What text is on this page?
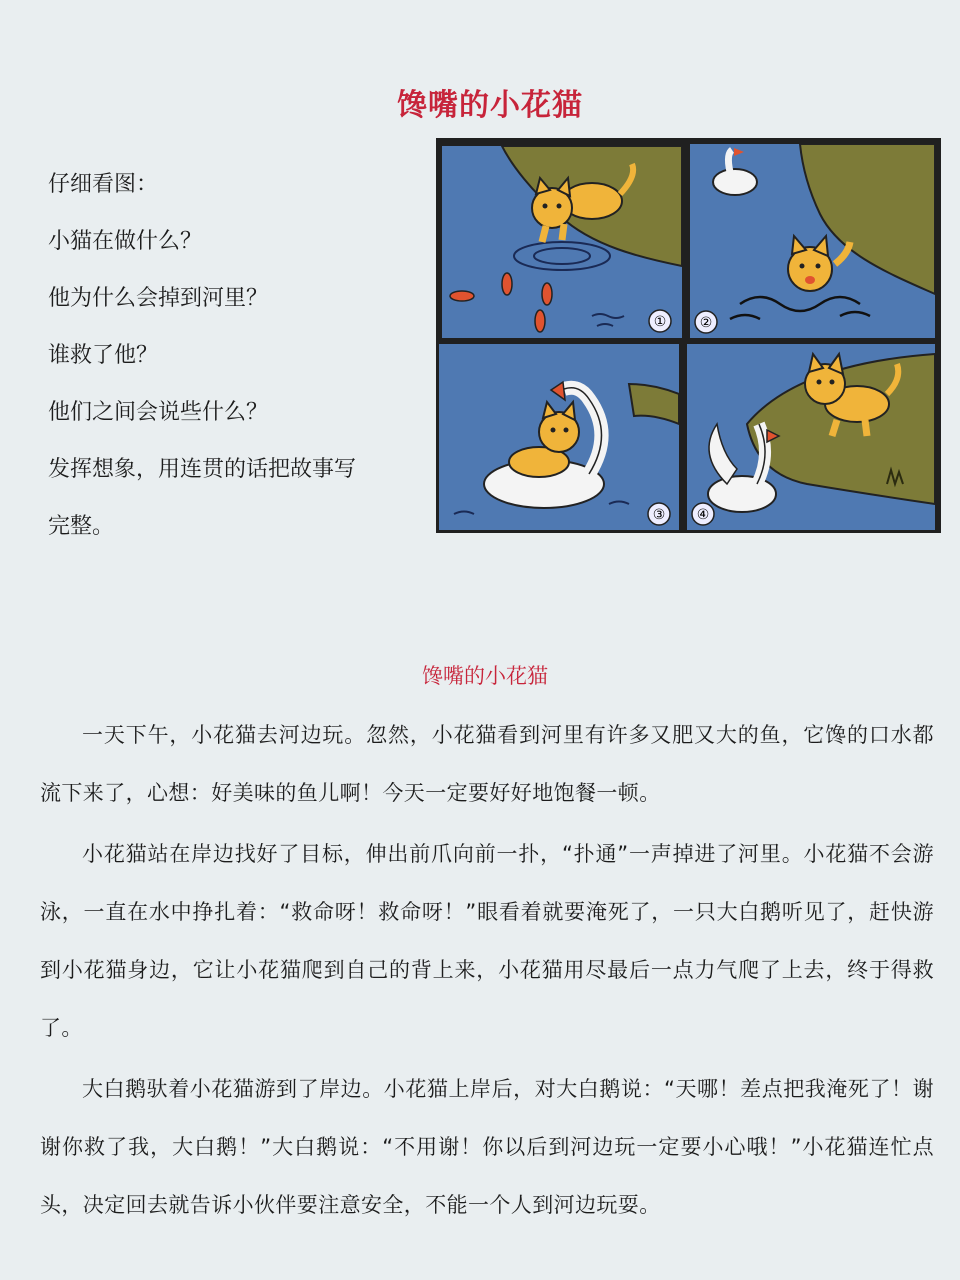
馋嘴的小花猫

仔细看图：

小猫在做什么？

他为什么会掉到河里？

谁救了他？

他们之间会说些什么？

发挥想象，用连贯的话把故事写

完整。

① ②
③ ④
馋嘴的小花猫

一天下午，小花猫去河边玩。忽然，小花猫看到河里有许多又肥又大的鱼，它馋的口水都流下来了，心想：好美味的鱼儿啊！今天一定要好好地饱餐一顿。

小花猫站在岸边找好了目标，伸出前爪向前一扑，“扑通”一声掉进了河里。小花猫不会游泳，一直在水中挣扎着：“救命呀！救命呀！”眼看着就要淹死了，一只大白鹅听见了，赶快游到小花猫身边，它让小花猫爬到自己的背上来，小花猫用尽最后一点力气爬了上去，终于得救了。

大白鹅驮着小花猫游到了岸边。小花猫上岸后，对大白鹅说：“天哪！差点把我淹死了！谢谢你救了我，大白鹅！”大白鹅说：“不用谢！你以后到河边玩一定要小心哦！”小花猫连忙点头，决定回去就告诉小伙伴要注意安全，不能一个人到河边玩耍。
